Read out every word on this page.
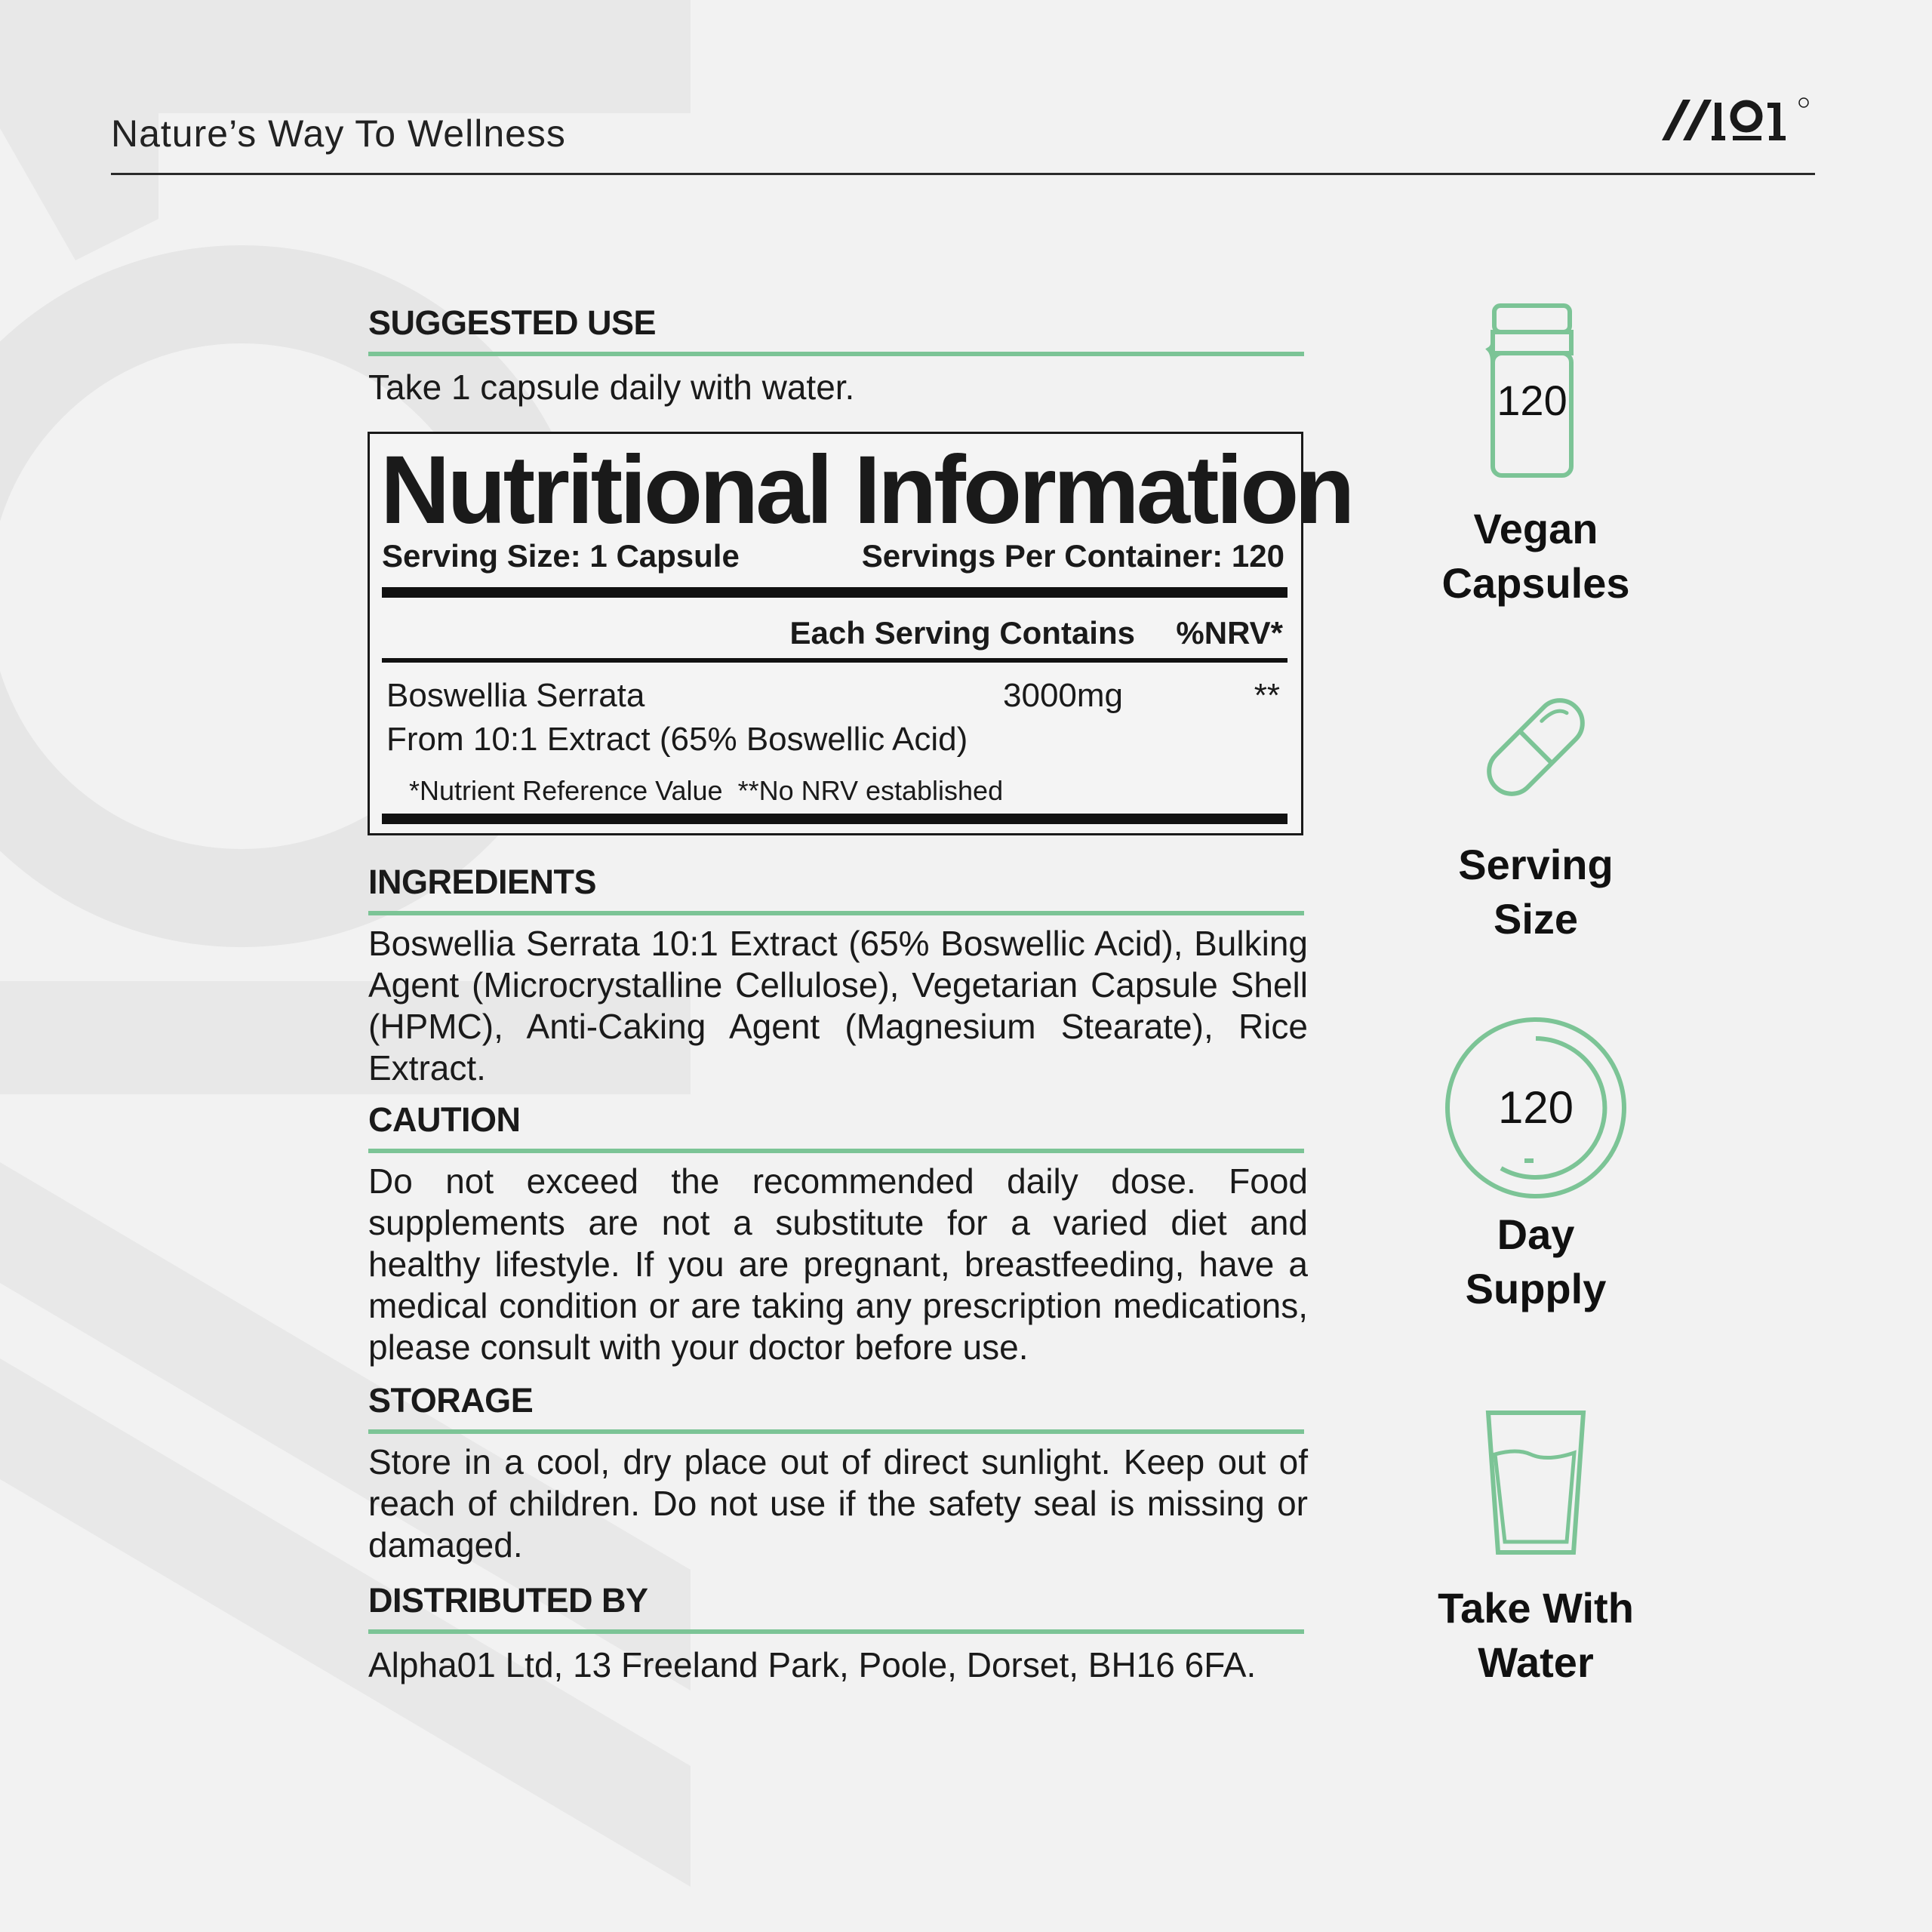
Nature’s Way To Wellness
SUGGESTED USE
Take 1 capsule daily with water.
Nutritional Information
Serving Size: 1 Capsule	Servings Per Container: 120
Each Serving Contains %NRV*
Boswellia Serrata	3000mg	**
From 10:1 Extract (65% Boswellic Acid)
*Nutrient Reference Value  **No NRV established
INGREDIENTS
Boswellia Serrata 10:1 Extract (65% Boswellic Acid), Bulking Agent (Microcrystalline Cellulose), Vegetarian Capsule Shell (HPMC), Anti-Caking Agent (Magnesium Stearate), Rice Extract.
CAUTION
Do not exceed the recommended daily dose. Food supplements are not a substitute for a varied diet and healthy lifestyle. If you are pregnant, breastfeeding, have a medical condition or are taking any prescription medications, please consult with your doctor before use.
STORAGE
Store in a cool, dry place out of direct sunlight. Keep out of reach of children. Do not use if the safety seal is missing or damaged.
DISTRIBUTED BY
Alpha01 Ltd, 13 Freeland Park, Poole, Dorset, BH16 6FA.
120
Vegan
Capsules
Serving
Size
120
Day
Supply
Take With
Water
